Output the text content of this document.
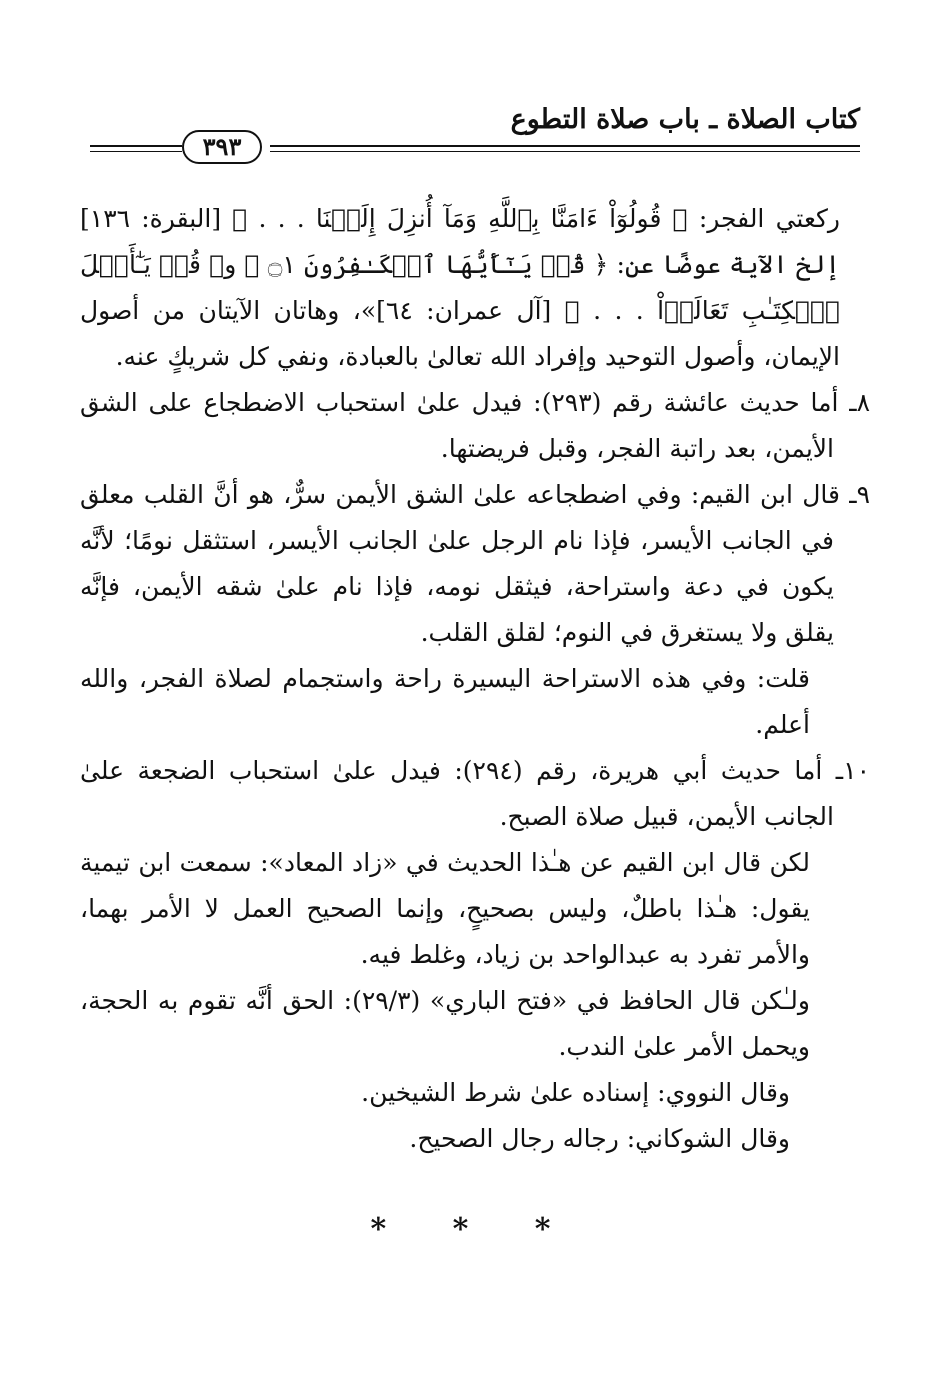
كتاب الصلاة ـ باب صلاة التطوع
٣٩٣

ركعتي الفجر: ﴿ قُولُوٓاْ ءَامَنَّا بِٱللَّهِ وَمَآ أُنزِلَ إِلَيۡنَا . . . ﴾ [البقرة: ١٣٦] إلخ الآية عوضًا عن: ﴿ قُلۡ يَـٰٓأَيُّهَا ٱلۡكَـٰفِرُونَ ۝١ ﴾ و﴿ قُلۡ يَـٰٓأَهۡلَ ٱلۡكِتَـٰبِ تَعَالَوۡاْ . . . ﴾ [آل عمران: ٦٤]»، وهاتان الآيتان من أصول الإيمان، وأصول التوحيد وإفراد الله تعالىٰ بالعبادة، ونفي كل شريكٍ عنه.

٨ـ أما حديث عائشة رقم (٢٩٣): فيدل علىٰ استحباب الاضطجاع على الشق الأيمن، بعد راتبة الفجر، وقبل فريضتها.

٩ـ قال ابن القيم: وفي اضطجاعه علىٰ الشق الأيمن سرٌّ، هو أنَّ القلب معلق في الجانب الأيسر، فإذا نام الرجل علىٰ الجانب الأيسر، استثقل نومًا؛ لأنَّه يكون في دعة واستراحة، فيثقل نومه، فإذا نام علىٰ شقه الأيمن، فإنَّه يقلق ولا يستغرق في النوم؛ لقلق القلب.

قلت: وفي هذه الاستراحة اليسيرة راحة واستجمام لصلاة الفجر، والله أعلم.

١٠ـ أما حديث أبي هريرة، رقم (٢٩٤): فيدل علىٰ استحباب الضجعة علىٰ الجانب الأيمن، قبيل صلاة الصبح.

لكن قال ابن القيم عن هـٰذا الحديث في «زاد المعاد»: سمعت ابن تيمية يقول: هـٰذا باطلٌ، وليس بصحيحٍ، وإنما الصحيح العمل لا الأمر بهما، والأمر تفرد به عبدالواحد بن زياد، وغلط فيه.

ولـٰكن قال الحافظ في «فتح الباري» (٢٩/٣): الحق أنَّه تقوم به الحجة، ويحمل الأمر علىٰ الندب.

وقال النووي: إسناده علىٰ شرط الشيخين.

وقال الشوكاني: رجاله رجال الصحيح.

* * *
